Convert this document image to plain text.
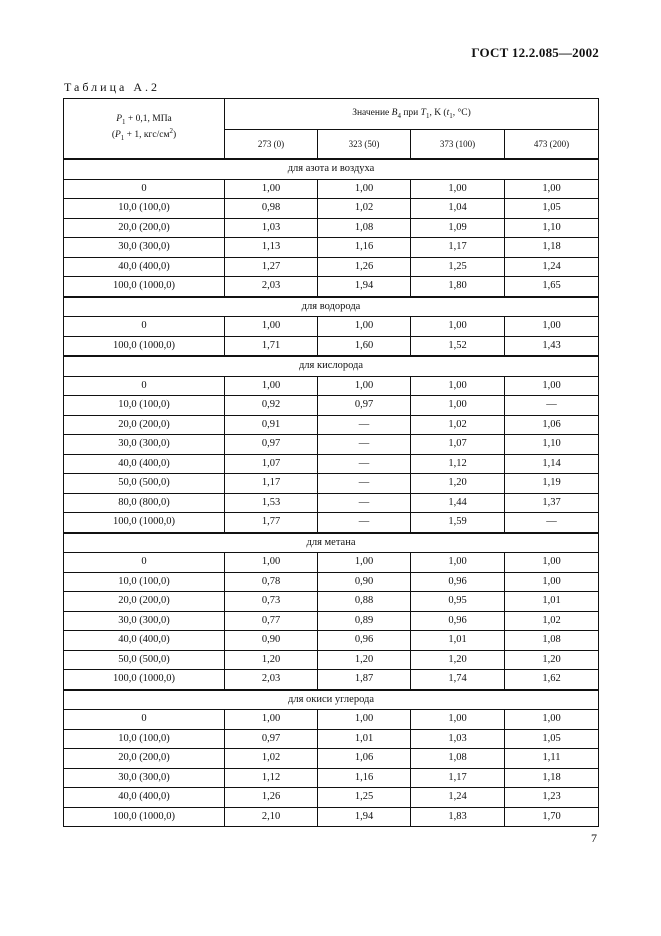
ГОСТ 12.2.085—2002
Таблица А.2
$P_1 + 0,1$, МПа
($P_1 + 1$, кгс/$см^2$)	Значение $B_4$ при $T_1$, K ($t_1$, °С)			
	273 (0)	323 (50)	373 (100)	473 (200)
для азота и воздуха				
0	1,00	1,00	1,00	1,00
10,0 (100,0)	0,98	1,02	1,04	1,05
20,0 (200,0)	1,03	1,08	1,09	1,10
30,0 (300,0)	1,13	1,16	1,17	1,18
40,0 (400,0)	1,27	1,26	1,25	1,24
100,0 (1000,0)	2,03	1,94	1,80	1,65
для водорода				
0	1,00	1,00	1,00	1,00
100,0 (1000,0)	1,71	1,60	1,52	1,43
для кислорода				
0	1,00	1,00	1,00	1,00
10,0 (100,0)	0,92	0,97	1,00	—
20,0 (200,0)	0,91	—	1,02	1,06
30,0 (300,0)	0,97	—	1,07	1,10
40,0 (400,0)	1,07	—	1,12	1,14
50,0 (500,0)	1,17	—	1,20	1,19
80,0 (800,0)	1,53	—	1,44	1,37
100,0 (1000,0)	1,77	—	1,59	—
для метана				
0	1,00	1,00	1,00	1,00
10,0 (100,0)	0,78	0,90	0,96	1,00
20,0 (200,0)	0,73	0,88	0,95	1,01
30,0 (300,0)	0,77	0,89	0,96	1,02
40,0 (400,0)	0,90	0,96	1,01	1,08
50,0 (500,0)	1,20	1,20	1,20	1,20
100,0 (1000,0)	2,03	1,87	1,74	1,62
для окиси углерода				
0	1,00	1,00	1,00	1,00
10,0 (100,0)	0,97	1,01	1,03	1,05
20,0 (200,0)	1,02	1,06	1,08	1,11
30,0 (300,0)	1,12	1,16	1,17	1,18
40,0 (400,0)	1,26	1,25	1,24	1,23
100,0 (1000,0)	2,10	1,94	1,83	1,70
7
